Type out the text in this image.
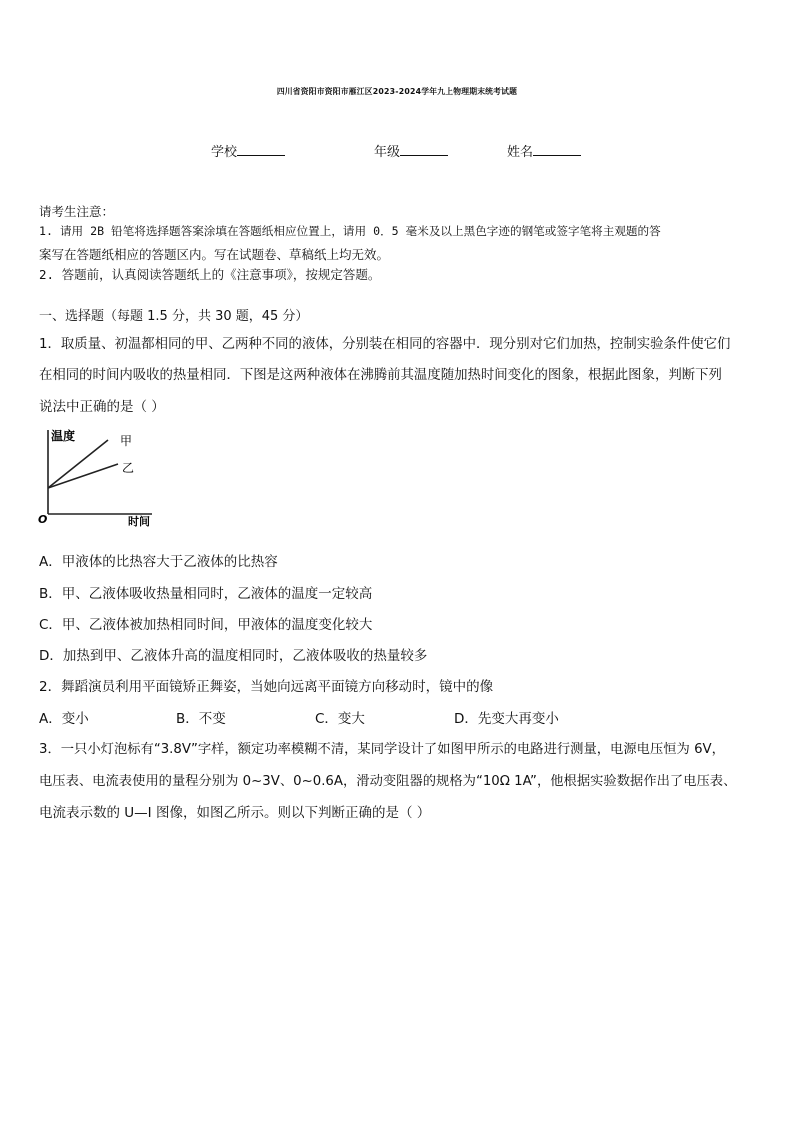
四川省资阳市资阳市雁江区2023-2024学年九上物理期末统考试题
学校	年级	姓名
请考生注意：
1. 请用 2B 铅笔将选择题答案涂填在答题纸相应位置上，请用 0．5 毫米及以上黑色字迹的钢笔或签字笔将主观题的答
案写在答题纸相应的答题区内。写在试题卷、草稿纸上均无效。
2. 答题前，认真阅读答题纸上的《注意事项》，按规定答题。
一、选择题（每题 1.5 分，共 30 题，45 分）
1．取质量、初温都相同的甲、乙两种不同的液体，分别装在相同的容器中．现分别对它们加热，控制实验条件使它们
在相同的时间内吸收的热量相同．下图是这两种液体在沸腾前其温度随加热时间变化的图象，根据此图象，判断下列
说法中正确的是（ ）
温度	甲
乙
O	时间
A．甲液体的比热容大于乙液体的比热容
B．甲、乙液体吸收热量相同时，乙液体的温度一定较高
C．甲、乙液体被加热相同时间，甲液体的温度变化较大
D．加热到甲、乙液体升高的温度相同时，乙液体吸收的热量较多
2．舞蹈演员利用平面镜矫正舞姿，当她向远离平面镜方向移动时，镜中的像
A．变小	B．不变	C．变大	D．先变大再变小
3．一只小灯泡标有“3.8V”字样，额定功率模糊不清，某同学设计了如图甲所示的电路进行测量，电源电压恒为 6V，
电压表、电流表使用的量程分别为 0~3V、0~0.6A，滑动变阻器的规格为“10Ω 1A”，他根据实验数据作出了电压表、
电流表示数的 U—I 图像，如图乙所示。则以下判断正确的是（ ）
